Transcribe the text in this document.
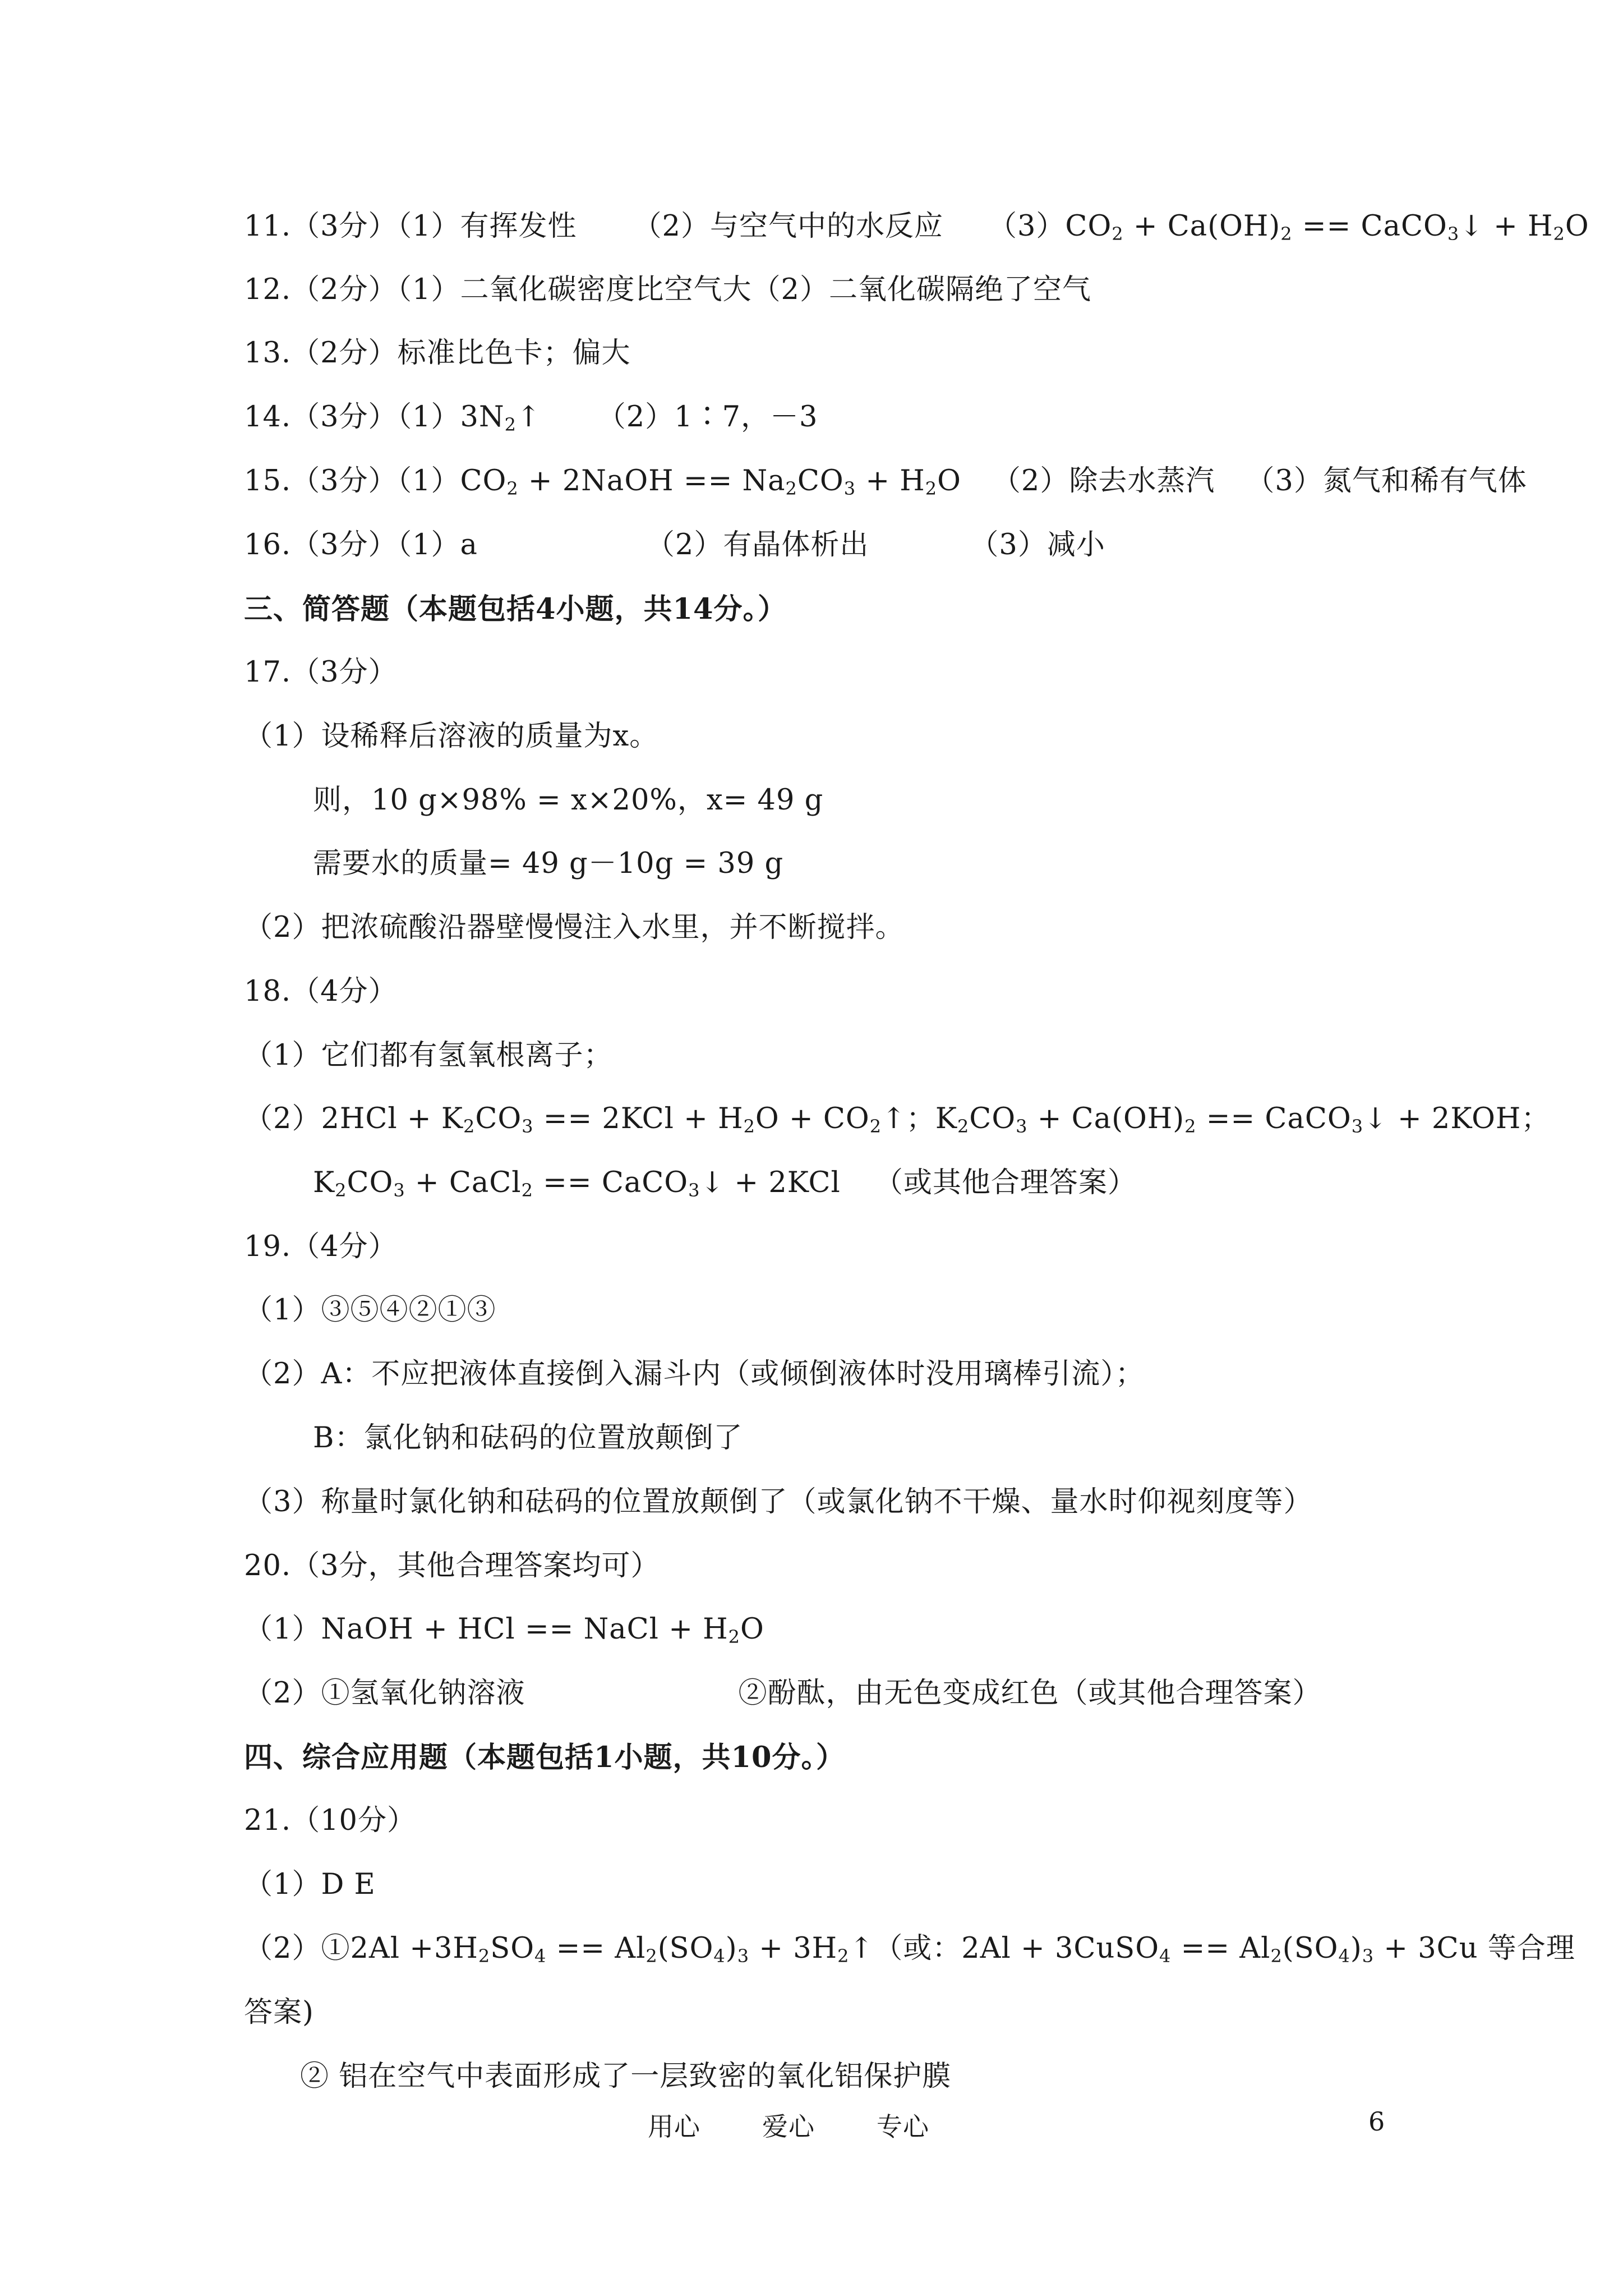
11.（3分）（1）有挥发性 （2）与空气中的水反应 $(3)CO_2 + Ca(OH)_2$ == CaCO$_3$↓ + $H_2O$
12.（2分）（1）二氧化碳密度比空气大（2）二氧化碳隔绝了空气
13.（2分）标准比色卡；偏大
14.（3分）$(1)3N_2↑$ （2）1∶7，－3
15.（3分）$(1)CO_2$ + 2NaOH == $Na_2CO_3 + H_2O$ （2）除去水蒸汽 （3）氮气和稀有气体
16.（3分）（1）a	（2）有晶体析出	（3）减小
三、简答题（本题包括4小题，共14分。）
17.（3分）
（1）设稀释后溶液的质量为x。
则，10 g×98% = x×20%，x= 49 g
需要水的质量= 49 g－10g = 39 g
（2）把浓硫酸沿器壁慢慢注入水里，并不断搅拌。
18.（4分）
（1）它们都有氢氧根离子；
$(2)2HCl + K_2CO_3 == 2KCl + H_2O$ + $CO_2↑$；$K_2CO_3 + Ca(OH)_2$ == CaCO$_3$↓ + 2KOH；
$K_2CO_3$ + CaCl$_2$ == CaCO$_3$↓ + 2KCl （或其他合理答案）
19.（4分）
（1）③⑤④②①③
（2）A：不应把液体直接倒入漏斗内（或倾倒液体时没用璃棒引流）；
B：氯化钠和砝码的位置放颠倒了
（3）称量时氯化钠和砝码的位置放颠倒了（或氯化钠不干燥、量水时仰视刻度等）
20.（3分，其他合理答案均可）
（1）NaOH + HCl == NaCl + $H_2O$
（2）①氢氧化钠溶液	②酚酞，由无色变成红色（或其他合理答案）
四、综合应用题（本题包括1小题，共10分。）
21.（10分）
（1）D E
（2）①2Al $+3H_2SO_4 == Al_2(SO_4)_3$ + $3H_2↑$（或：2Al + 3CuSO$_4$ == $Al_2(SO_4)_3 + 3Cu$ 等合理
答案)
② 铝在空气中表面形成了一层致密的氧化铝保护膜
用心 爱心 专心	6
